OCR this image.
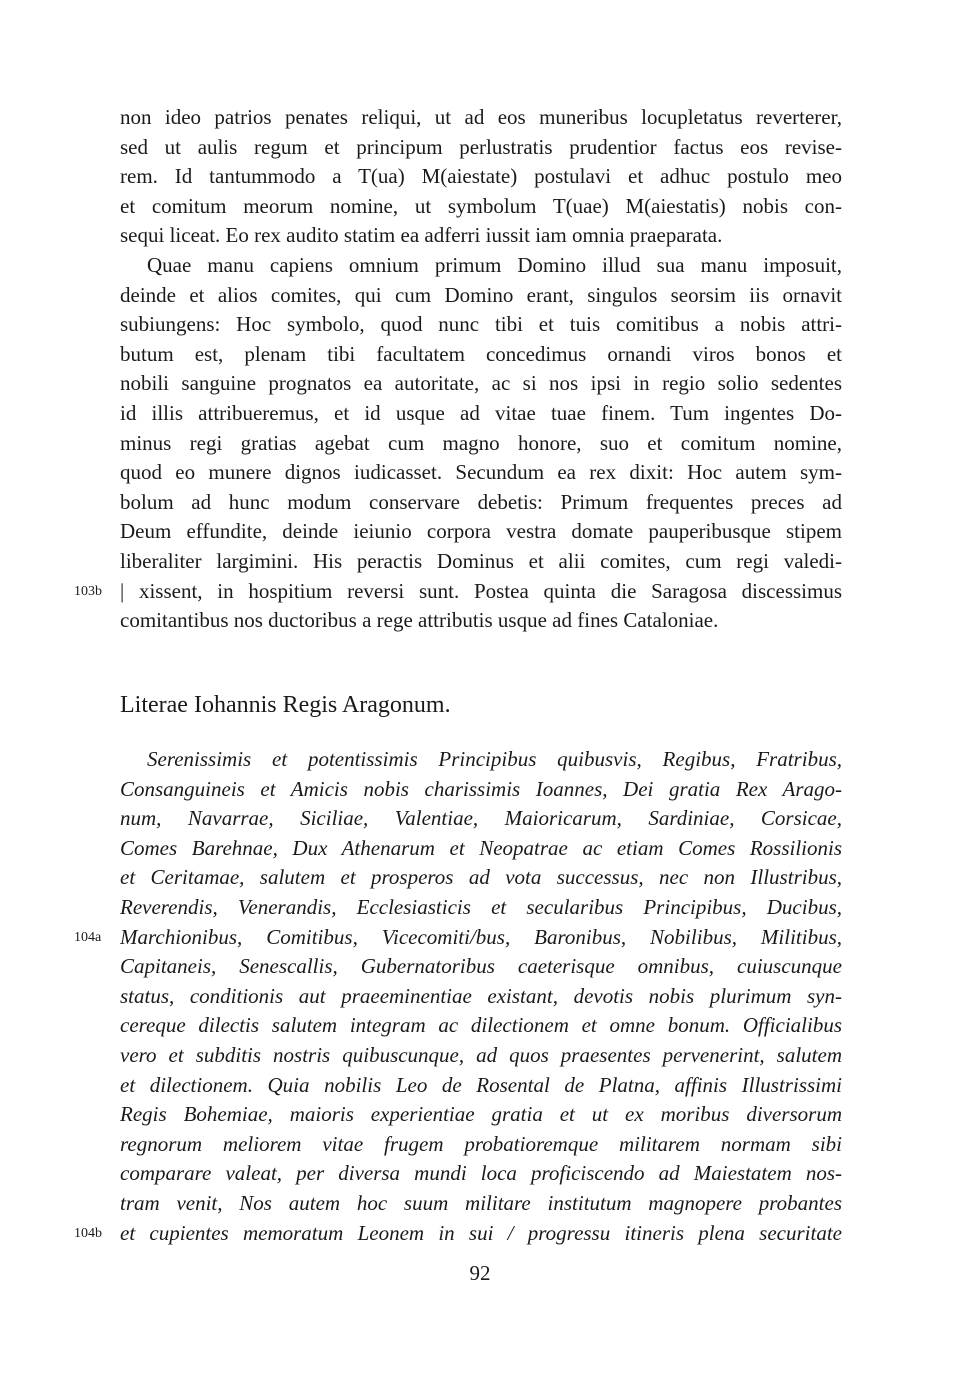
non ideo patrios penates reliqui, ut ad eos muneribus locupletatus reverterer,
sed ut aulis regum et principum perlustratis prudentior factus eos revise-
rem. Id tantummodo a T(ua) M(aiestate) postulavi et adhuc postulo meo
et comitum meorum nomine, ut symbolum T(uae) M(aiestatis) nobis con-
sequi liceat. Eo rex audito statim ea adferri iussit iam omnia praeparata.
Quae manu capiens omnium primum Domino illud sua manu imposuit,
deinde et alios comites, qui cum Domino erant, singulos seorsim iis ornavit
subiungens: Hoc symbolo, quod nunc tibi et tuis comitibus a nobis attri-
butum est, plenam tibi facultatem concedimus ornandi viros bonos et
nobili sanguine prognatos ea autoritate, ac si nos ipsi in regio solio sedentes
id illis attribueremus, et id usque ad vitae tuae finem. Tum ingentes Do-
minus regi gratias agebat cum magno honore, suo et comitum nomine,
quod eo munere dignos iudicasset. Secundum ea rex dixit: Hoc autem sym-
bolum ad hunc modum conservare debetis: Primum frequentes preces ad
Deum effundite, deinde ieiunio corpora vestra domate pauperibusque stipem
liberaliter largimini. His peractis Dominus et alii comites, cum regi valedi-
| xissent, in hospitium reversi sunt. Postea quinta die Saragosa discessimus
comitantibus nos ductoribus a rege attributis usque ad fines Cataloniae.
103b
Literae Iohannis Regis Aragonum.
Serenissimis et potentissimis Principibus quibusvis, Regibus, Fratribus,
Consanguineis et Amicis nobis charissimis Ioannes, Dei gratia Rex Arago-
num, Navarrae, Siciliae, Valentiae, Maioricarum, Sardiniae, Corsicae,
Comes Barehnae, Dux Athenarum et Neopatrae ac etiam Comes Rossilionis
et Ceritamae, salutem et prosperos ad vota successus, nec non Illustribus,
Reverendis, Venerandis, Ecclesiasticis et secularibus Principibus, Ducibus,
Marchionibus, Comitibus, Vicecomiti/bus, Baronibus, Nobilibus, Militibus,
Capitaneis, Senescallis, Gubernatoribus caeterisque omnibus, cuiuscunque
status, conditionis aut praeeminentiae existant, devotis nobis plurimum syn-
cereque dilectis salutem integram ac dilectionem et omne bonum. Officialibus
vero et subditis nostris quibuscunque, ad quos praesentes pervenerint, salutem
et dilectionem. Quia nobilis Leo de Rosental de Platna, affinis Illustrissimi
Regis Bohemiae, maioris experientiae gratia et ut ex moribus diversorum
regnorum meliorem vitae frugem probatioremque militarem normam sibi
comparare valeat, per diversa mundi loca proficiscendo ad Maiestatem nos-
tram venit, Nos autem hoc suum militare institutum magnopere probantes
et cupientes memoratum Leonem in sui / progressu itineris plena securitate
104a
104b
92
